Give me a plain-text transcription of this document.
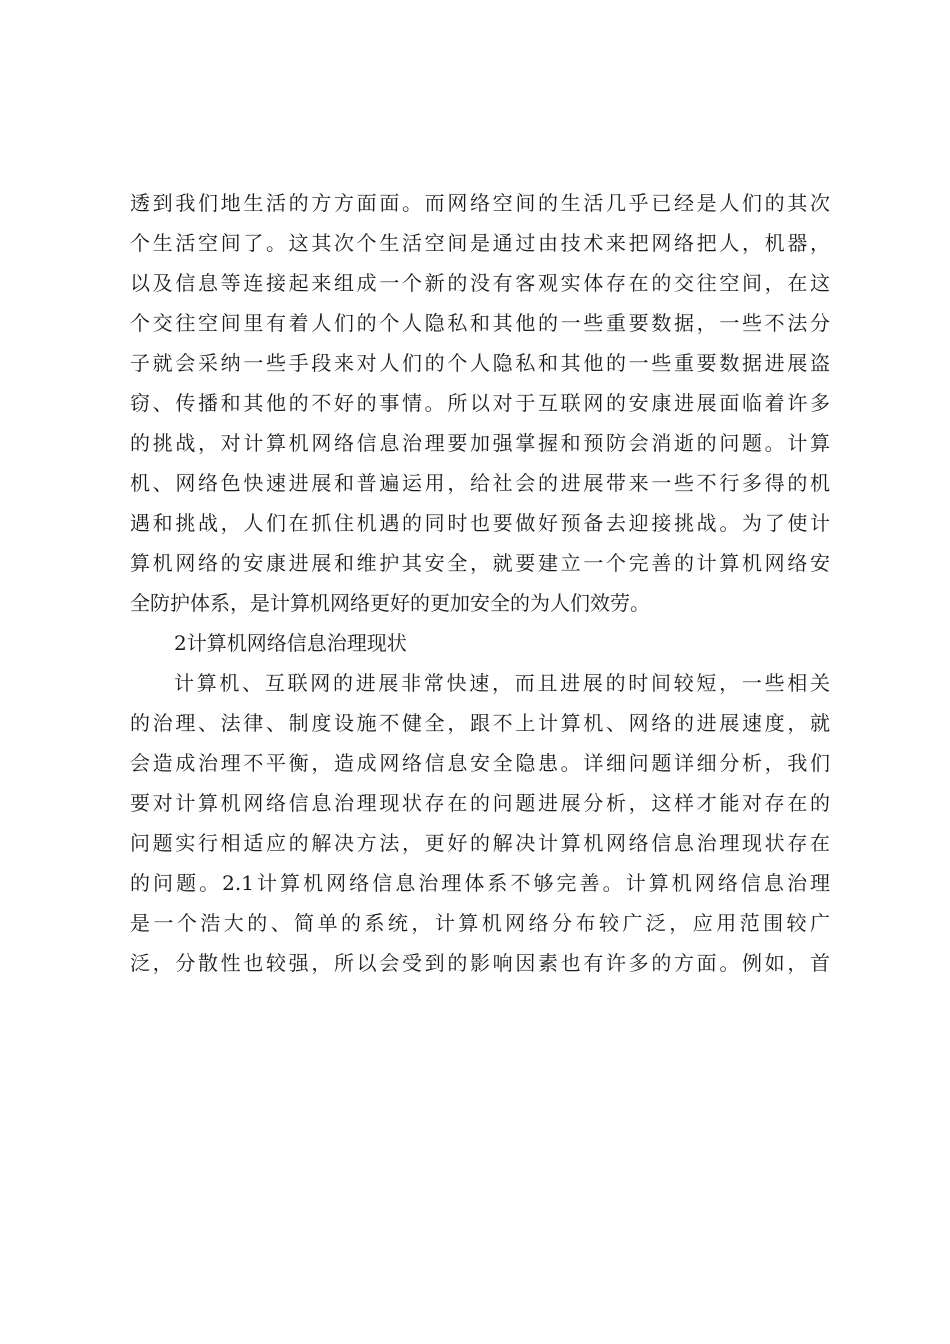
透到我们地生活的方方面面。而网络空间的生活几乎已经是人们的其次
个生活空间了。这其次个生活空间是通过由技术来把网络把人，机器，
以及信息等连接起来组成一个新的没有客观实体存在的交往空间，在这
个交往空间里有着人们的个人隐私和其他的一些重要数据，一些不法分
子就会采纳一些手段来对人们的个人隐私和其他的一些重要数据进展盗
窃、传播和其他的不好的事情。所以对于互联网的安康进展面临着许多
的挑战，对计算机网络信息治理要加强掌握和预防会消逝的问题。计算
机、网络色快速进展和普遍运用，给社会的进展带来一些不行多得的机
遇和挑战，人们在抓住机遇的同时也要做好预备去迎接挑战。为了使计
算机网络的安康进展和维护其安全，就要建立一个完善的计算机网络安
全防护体系，是计算机网络更好的更加安全的为人们效劳。
2计算机网络信息治理现状
计算机、互联网的进展非常快速，而且进展的时间较短，一些相关
的治理、法律、制度设施不健全，跟不上计算机、网络的进展速度，就
会造成治理不平衡，造成网络信息安全隐患。详细问题详细分析，我们
要对计算机网络信息治理现状存在的问题进展分析，这样才能对存在的
问题实行相适应的解决方法，更好的解决计算机网络信息治理现状存在
的问题。2.1计算机网络信息治理体系不够完善。计算机网络信息治理
是一个浩大的、简单的系统，计算机网络分布较广泛，应用范围较广
泛，分散性也较强，所以会受到的影响因素也有许多的方面。例如，首
